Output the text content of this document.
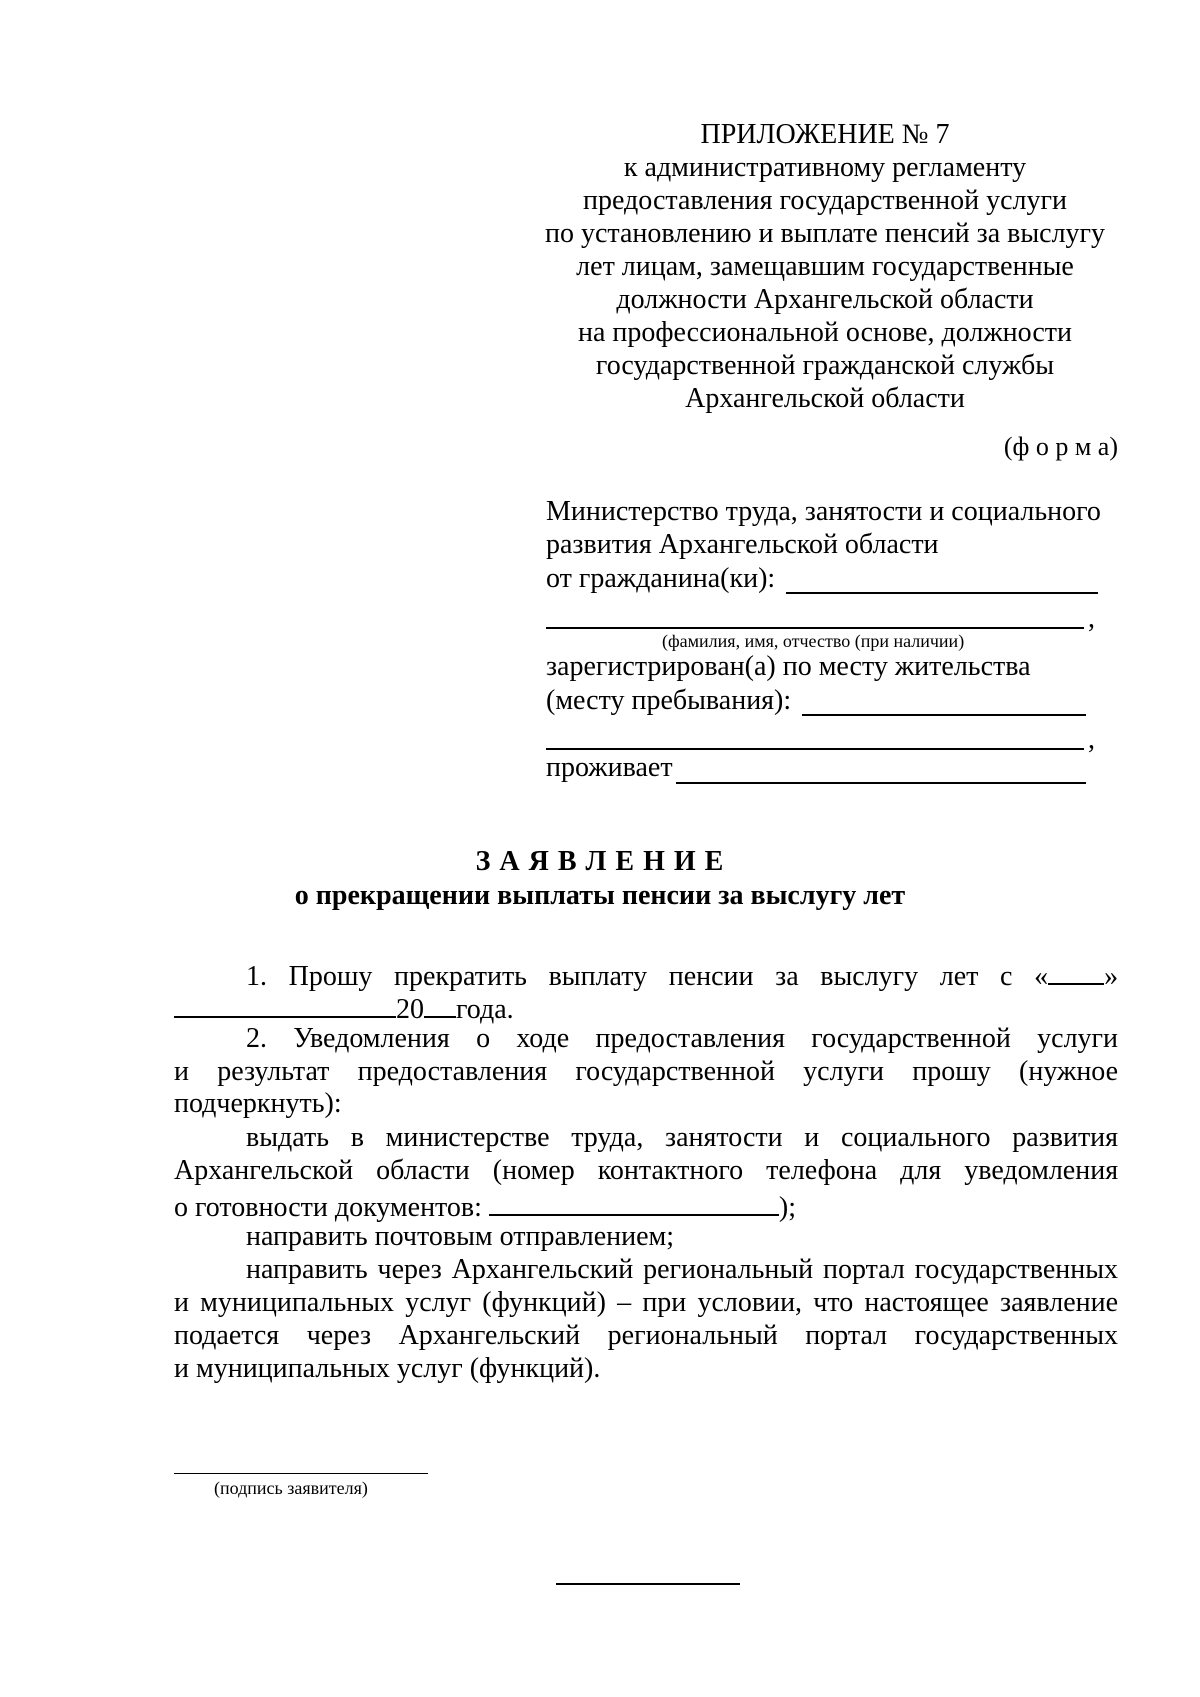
ПРИЛОЖЕНИЕ № 7
к административному регламенту
предоставления государственной услуги
по установлению и выплате пенсий за выслугу
лет лицам, замещавшим государственные
должности Архангельской области
на профессиональной основе, должности
государственной гражданской службы
Архангельской области
(ф о р м а)
Министерство труда, занятости и социального
развития Архангельской области
от гражданина(ки):
,
(фамилия, имя, отчество (при наличии)
зарегистрирован(а) по месту жительства
(месту пребывания):
,
проживает
З А Я В Л Е Н И Е
о прекращении выплаты пенсии за выслугу лет
1. Прошу прекратить выплату пенсии за выслугу лет с « »
20 года.
2. Уведомления о ходе предоставления государственной услуги
и результат предоставления государственной услуги прошу (нужное
подчеркнуть):
выдать в министерстве труда, занятости и социального развития
Архангельской области (номер контактного телефона для уведомления
о готовности документов:	);
направить почтовым отправлением;
направить через Архангельский региональный портал государственных
и муниципальных услуг (функций) – при условии, что настоящее заявление
подается через Архангельский региональный портал государственных
и муниципальных услуг (функций).
(подпись заявителя)
